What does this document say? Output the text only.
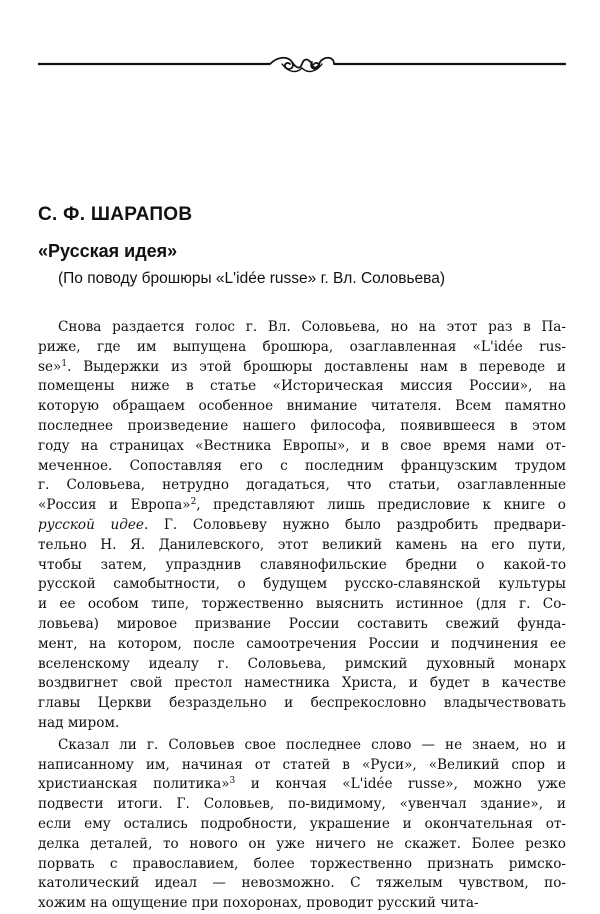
С. Ф. ШАРАПОВ
«Русская идея»
(По поводу брошюры «L'idée russe» г. Вл. Соловьева)
Снова раздается голос г. Вл. Соловьева, но на этот раз в Па-
риже, где им выпущена брошюра, озаглавленная «L'idée rus-
se»$^1$. Выдержки из этой брошюры доставлены нам в переводе и
помещены ниже в статье «Историческая миссия России», на
которую обращаем особенное внимание читателя. Всем памятно
последнее произведение нашего философа, появившееся в этом
году на страницах «Вестника Европы», и в свое время нами от-
меченное. Сопоставляя его с последним французским трудом
г. Соловьева, нетрудно догадаться, что статьи, озаглавленные
«Россия и Европа»$^2$, представляют лишь предисловие к книге о
русской идее. Г. Соловьеву нужно было раздробить предвари-
тельно Н. Я. Данилевского, этот великий камень на его пути,
чтобы затем, упразднив славянофильские бредни о какой-то
русской самобытности, о будущем русско-славянской культуры
и ее особом типе, торжественно выяснить истинное (для г. Со-
ловьева) мировое призвание России составить свежий фунда-
мент, на котором, после самоотречения России и подчинения ее
вселенскому идеалу г. Соловьева, римский духовный монарх
воздвигнет свой престол наместника Христа, и будет в качестве
главы Церкви безраздельно и беспрекословно владычествовать
над миром.
Сказал ли г. Соловьев свое последнее слово — не знаем, но и
написанному им, начиная от статей в «Руси», «Великий спор и
христианская политика»$^3$ и кончая «L'idée russe», можно уже
подвести итоги. Г. Соловьев, по-видимому, «увенчал здание», и
если ему остались подробности, украшение и окончательная от-
делка деталей, то нового он уже ничего не скажет. Более резко
порвать с православием, более торжественно признать римско-
католический идеал — невозможно. С тяжелым чувством, по-
хожим на ощущение при похоронах, проводит русский чита-
